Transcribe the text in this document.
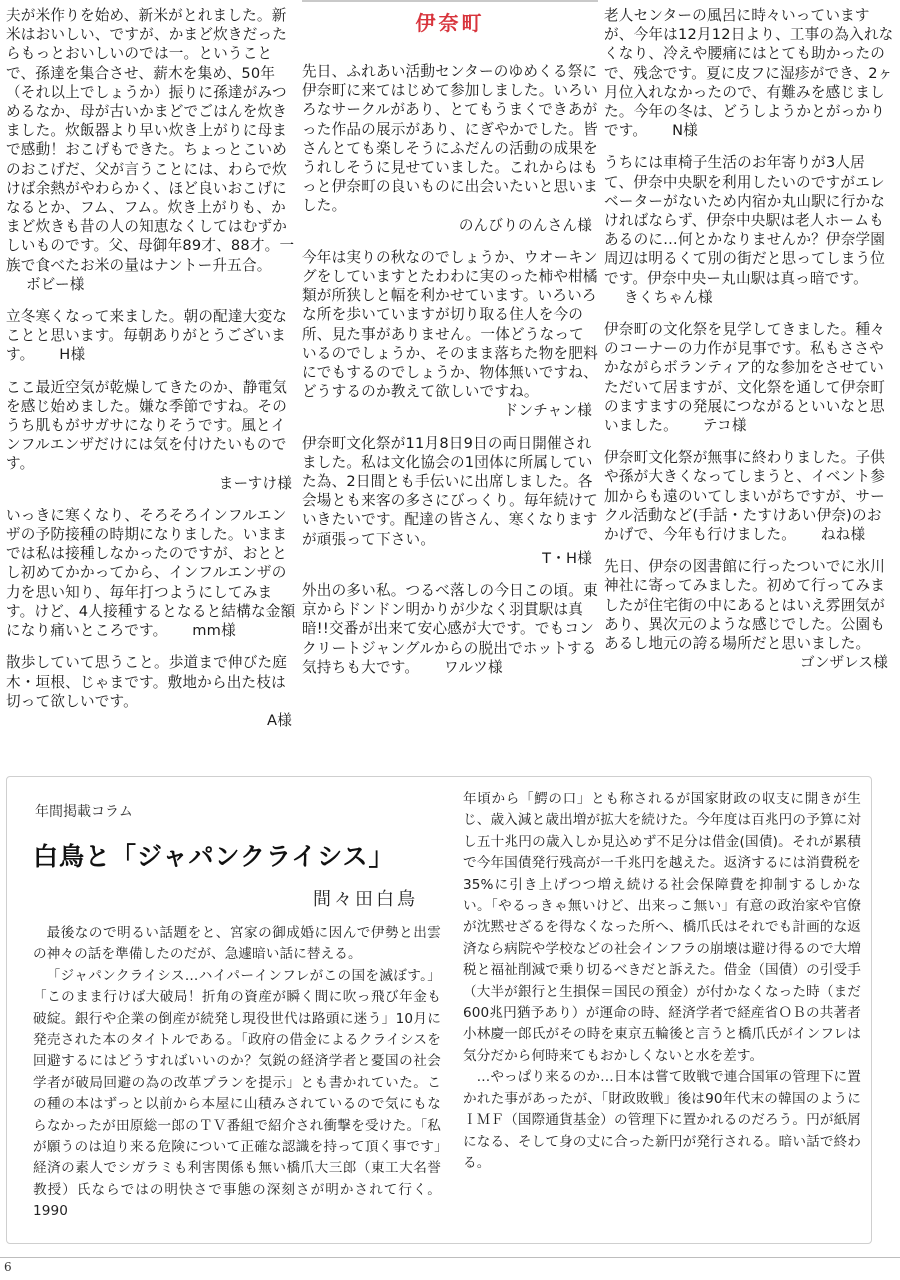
夫が米作りを始め、新米がとれました。新米はおいしい、ですが、かまど炊きだったらもっとおいしいのでは一。ということで、孫達を集合させ、薪木を集め、50年（それ以上でしょうか）振りに孫達がみつめるなか、母が古いかまどでごはんを炊きました。炊飯器より早い炊き上がりに母まで感動！おこげもできた。ちょっとこいめのおこげだ、父が言うことには、わらで炊けば余熱がやわらかく、ほど良いおこげになるとか、フム、フム。炊き上がりも、かまど炊きも昔の人の知恵なくしてはむずかしいものです。父、母御年89才、88才。一族で食べたお米の量はナントー升五合。 ボビー様
立冬寒くなって来ました。朝の配達大変なことと思います。毎朝ありがとうございます。 H様
ここ最近空気が乾燥してきたのか、静電気を感じ始めました。嫌な季節ですね。そのうち肌もがサガサになりそうです。風とインフルエンザだけには気を付けたいものです。

まーすけ様

いっきに寒くなり、そろそろインフルエンザの予防接種の時期になりました。いままでは私は接種しなかったのですが、おととし初めてかかってから、インフルエンザの力を思い知り、毎年打つようにしてみます。けど、4人接種するとなると結構な金額になり痛いところです。 mm様
散歩していて思うこと。歩道まで伸びた庭木・垣根、じゃまです。敷地から出た枝は切って欲しいです。

A様

伊奈町
先日、ふれあい活動センターのゆめくる祭に伊奈町に来てはじめて参加しました。いろいろなサークルがあり、とてもうまくできあがった作品の展示があり、にぎやかでした。皆さんとても楽しそうにふだんの活動の成果をうれしそうに見せていました。これからはもっと伊奈町の良いものに出会いたいと思いました。

のんびりのんさん様

今年は実りの秋なのでしょうか、ウオーキングをしていますとたわわに実のった柿や柑橘類が所狭しと幅を利かせています。いろいろな所を歩いていますが切り取る住人を今の所、見た事がありません。一体どうなっているのでしょうか、そのまま落ちた物を肥料にでもするのでしょうか、物体無いですね、どうするのか教えて欲しいですね。

ドンチャン様

伊奈町文化祭が11月8日9日の両日開催されました。私は文化協会の1団体に所属していた為、2日間とも手伝いに出席しました。各会場とも来客の多さにびっくり。毎年続けていきたいです。配達の皆さん、寒くなりますが頑張って下さい。

T・H様

外出の多い私。つるべ落しの今日この頃。東京からドンドン明かりが少なく羽貫駅は真暗!!交番が出来て安心感が大です。でもコンクリートジャングルからの脱出でホットする気持ちも大です。 ワルツ様
老人センターの風呂に時々いっていますが、今年は12月12日より、工事の為入れなくなり、冷えや腰痛にはとても助かったので、残念です。夏に皮フに湿疹ができ、2ヶ月位入れなかったので、有難みを感じました。今年の冬は、どうしようかとがっかりです。 N様
うちには車椅子生活のお年寄りが3人居て、伊奈中央駅を利用したいのですがエレベーターがないため内宿か丸山駅に行かなければならず、伊奈中央駅は老人ホームもあるのに…何とかなりませんか？伊奈学園周辺は明るくて別の街だと思ってしまう位です。伊奈中央ー丸山駅は真っ暗です。 きくちゃん様
伊奈町の文化祭を見学してきました。種々のコーナーの力作が見事です。私もささやかながらボランティア的な参加をさせていただいて居ますが、文化祭を通して伊奈町のますますの発展につながるといいなと思いました。 テコ様
伊奈町文化祭が無事に終わりました。子供や孫が大きくなってしまうと、イベント参加からも遠のいてしまいがちですが、サークル活動など(手話・たすけあい伊奈)のおかげで、今年も行けました。 ねね様
先日、伊奈の図書館に行ったついでに氷川神社に寄ってみました。初めて行ってみましたが住宅街の中にあるとはいえ雰囲気があり、異次元のような感じでした。公園もあるし地元の誇る場所だと思いました。

ゴンザレス様

年間掲載コラム
白鳥と「ジャパンクライシス」
間々田白鳥

最後なので明るい話題をと、宮家の御成婚に因んで伊勢と出雲の神々の話を準備したのだが、急遽暗い話に替える。

「ジャパンクライシス…ハイパーインフレがこの国を滅ぼす。」「このまま行けば大破局！折角の資産が瞬く間に吹っ飛び年金も破綻。銀行や企業の倒産が続発し現役世代は路頭に迷う」10月に発売された本のタイトルである。「政府の借金によるクライシスを回避するにはどうすればいいのか？気鋭の経済学者と憂国の社会学者が破局回避の為の改革プランを提示」とも書かれていた。この種の本はずっと以前から本屋に山積みされているので気にもならなかったが田原総一郎のＴＶ番組で紹介され衝撃を受けた。「私が願うのは迫り来る危険について正確な認識を持って頂く事です」経済の素人でシガラミも利害関係も無い橋爪大三郎（東工大名誉教授）氏ならではの明快さで事態の深刻さが明かされて行く。1990

年頃から「鰐の口」とも称されるが国家財政の収支に開きが生じ、歳入減と歳出増が拡大を続けた。今年度は百兆円の予算に対し五十兆円の歳入しか見込めず不足分は借金(国債)。それが累積で今年国債発行残高が一千兆円を越えた。返済するには消費税を35%に引き上げつつ増え続ける社会保障費を抑制するしかない。「やるっきゃ無いけど、出来っこ無い」有意の政治家や官僚が沈黙せざるを得なくなった所へ、橋爪氏はそれでも計画的な返済なら病院や学校などの社会インフラの崩壊は避け得るので大増税と福祉削減で乗り切るべきだと訴えた。借金（国債）の引受手（大半が銀行と生損保＝国民の預金）が付かなくなった時（まだ600兆円猶予あり）が運命の時、経済学者で経産省ＯＢの共著者小林慶一郎氏がその時を東京五輪後と言うと橋爪氏がインフレは気分だから何時来てもおかしくないと水を差す。

…やっぱり来るのか…日本は嘗て敗戦で連合国軍の管理下に置かれた事があったが、「財政敗戦」後は90年代末の韓国のようにＩＭＦ（国際通貨基金）の管理下に置かれるのだろう。円が紙屑になる、そして身の丈に合った新円が発行される。暗い話で終わる。

6
